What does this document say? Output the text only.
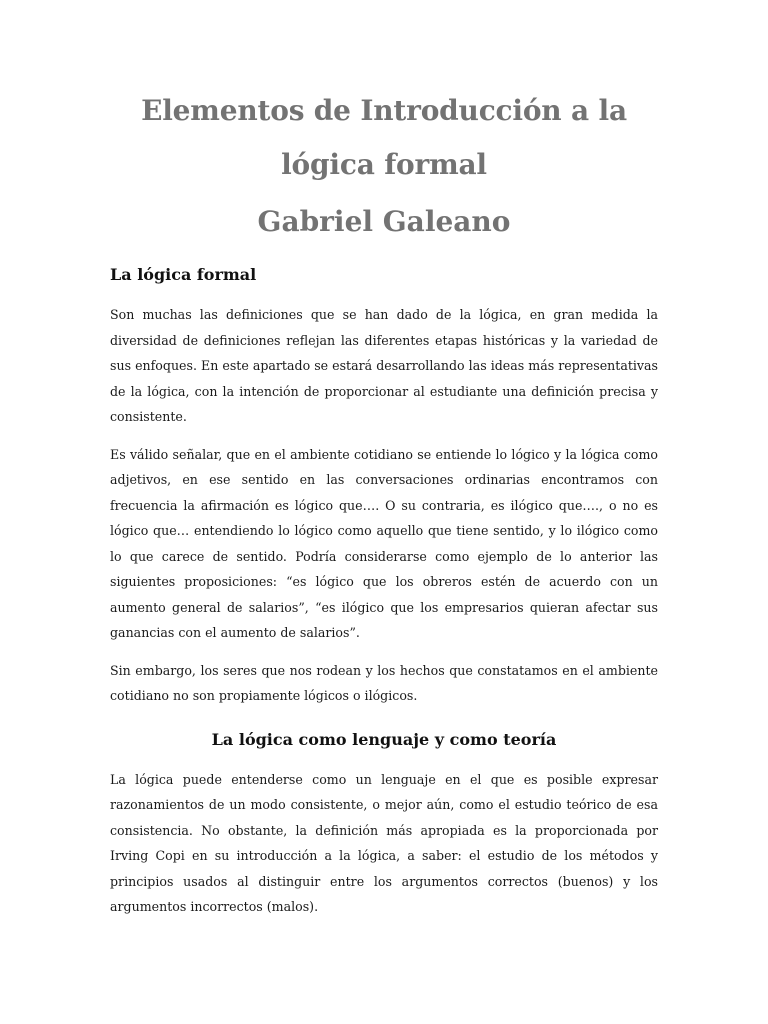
Elementos de Introducción a la lógica formal
Gabriel Galeano
La lógica formal

Son muchas las definiciones que se han dado de la lógica, en gran medida la diversidad de definiciones reflejan las diferentes etapas históricas y la variedad de sus enfoques. En este apartado se estará desarrollando las ideas más representativas de la lógica, con la intención de proporcionar al estudiante una definición precisa y consistente.

Es válido señalar, que en el ambiente cotidiano se entiende lo lógico y la lógica como adjetivos, en ese sentido en las conversaciones ordinarias encontramos con frecuencia la afirmación es lógico que…. O su contraria, es ilógico que…., o no es lógico que… entendiendo lo lógico como aquello que tiene sentido, y lo ilógico como lo que carece de sentido. Podría considerarse como ejemplo de lo anterior las siguientes proposiciones: “es lógico que los obreros estén de acuerdo con un aumento general de salarios”, “es ilógico que los empresarios quieran afectar sus ganancias con el aumento de salarios”.

Sin embargo, los seres que nos rodean y los hechos que constatamos en el ambiente cotidiano no son propiamente lógicos o ilógicos.

La lógica como lenguaje y como teoría

La lógica puede entenderse como un lenguaje en el que es posible expresar razonamientos de un modo consistente, o mejor aún, como el estudio teórico de esa consistencia. No obstante, la definición más apropiada es la proporcionada por Irving Copi en su introducción a la lógica, a saber: el estudio de los métodos y principios usados al distinguir entre los argumentos correctos (buenos) y los argumentos incorrectos (malos).
